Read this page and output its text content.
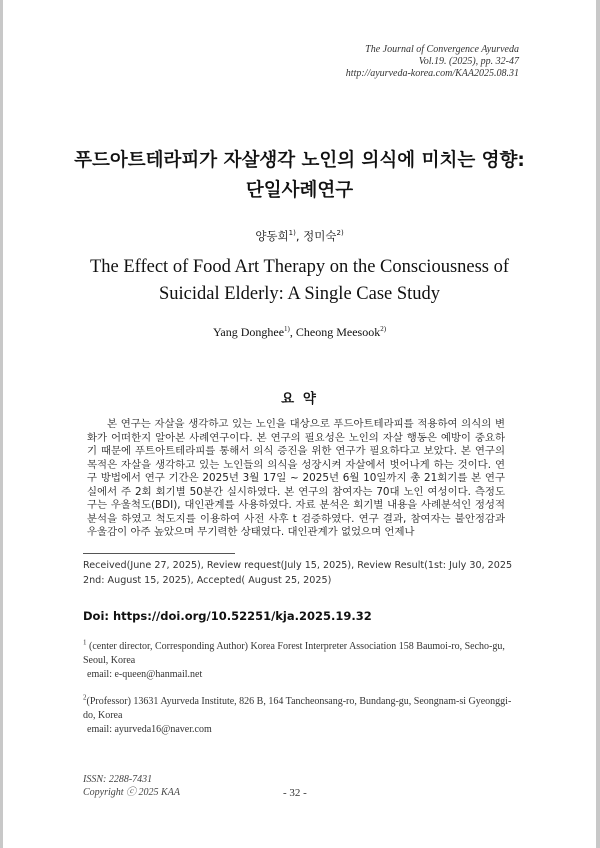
The Journal of Convergence Ayurveda
Vol.19. (2025), pp. 32-47
http://ayurveda-korea.com/KAA2025.08.31
푸드아트테라피가 자살생각 노인의 의식에 미치는 영향:
단일사례연구
양동희$^{1)}$, 정미숙$^{2)}$
The Effect of Food Art Therapy on the Consciousness of
Suicidal Elderly: A Single Case Study
Yang Donghee$^{1)}$, Cheong Meesook$^{2)}$
요 약

본 연구는 자살을 생각하고 있는 노인을 대상으로 푸드아트테라피를 적용하여 의식의 변화가 어떠한지 알아본 사례연구이다. 본 연구의 필요성은 노인의 자살 행동은 예방이 중요하기 때문에 푸트아트테라피를 통해서 의식 증진을 위한 연구가 필요하다고 보았다. 본 연구의 목적은 자살을 생각하고 있는 노인들의 의식을 성장시켜 자살에서 벗어나게 하는 것이다. 연구 방법에서 연구 기간은 2025년 3월 17일 ~ 2025년 6월 10일까지 총 21회기를 본 연구실에서 주 2회 회기별 50분간 실시하였다. 본 연구의 참여자는 70대 노인 여성이다. 측정도구는 우울척도(BDI), 대인관계를 사용하였다. 자료 분석은 회기별 내용을 사례분석인 정성적 분석을 하였고 척도지를 이용하여 사전 사후 t 검증하였다. 연구 결과, 참여자는 불안정감과 우울감이 아주 높았으며 무기력한 상태였다. 대인관계가 없었으며 언제나

Received(June 27, 2025), Review request(July 15, 2025), Review Result(1st: July 30, 2025 2nd: August 15, 2025), Accepted( August 25, 2025)
Doi: https://doi.org/10.52251/kja.2025.19.32
$^1$ (center director, Corresponding Author) Korea Forest Interpreter Association 158 Baumoi-ro, Secho-gu, Seoul, Korea
email: e-queen@hanmail.net
$^2$(Professor) 13631 Ayurveda Institute, 826 B, 164 Tancheonsang-ro, Bundang-gu, Seongnam-si Gyeonggi-do, Korea
email: ayurveda16@naver.com
ISSN: 2288-7431
Copyright ⓒ 2025 KAA	- 32 -
